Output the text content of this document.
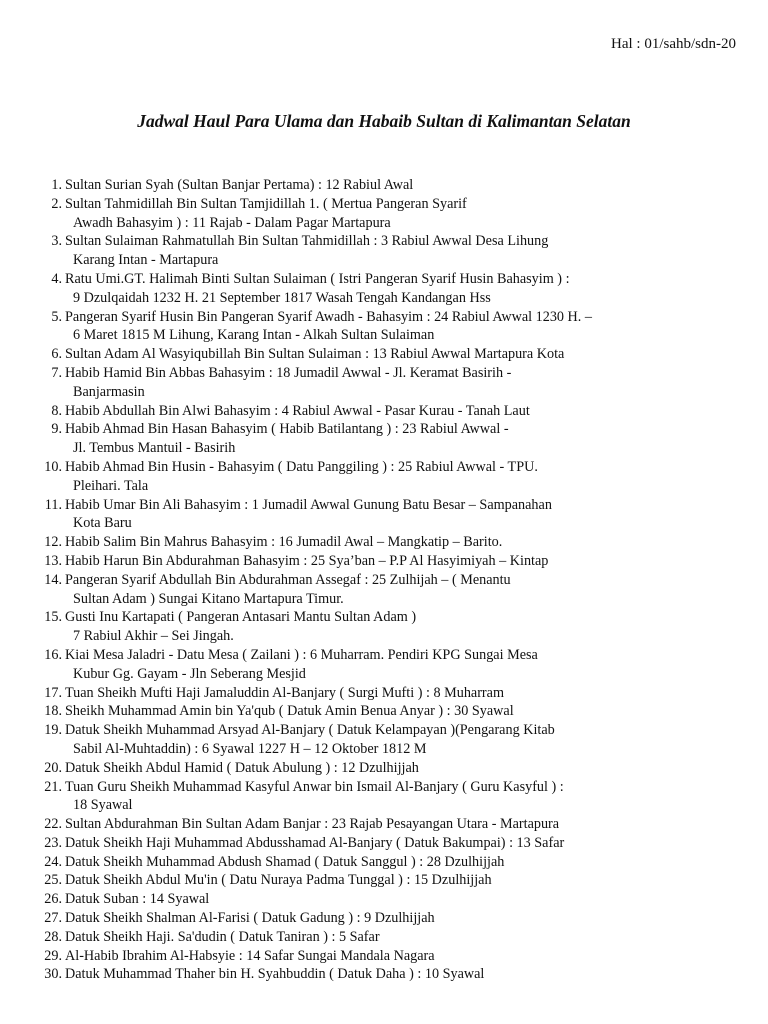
Hal : 01/sahb/sdn-20
Jadwal Haul Para Ulama dan Habaib Sultan di Kalimantan Selatan
1. Sultan Surian Syah (Sultan Banjar Pertama) : 12 Rabiul Awal
2. Sultan Tahmidillah Bin Sultan Tamjidillah 1. ( Mertua Pangeran Syarif
Awadh Bahasyim ) : 11 Rajab - Dalam Pagar Martapura
3. Sultan Sulaiman Rahmatullah Bin Sultan Tahmidillah : 3 Rabiul Awwal Desa Lihung
Karang Intan - Martapura
4. Ratu Umi.GT. Halimah Binti Sultan Sulaiman ( Istri Pangeran Syarif Husin Bahasyim ) :
9 Dzulqaidah 1232 H. 21 September 1817 Wasah Tengah Kandangan Hss
5. Pangeran Syarif Husin Bin Pangeran Syarif Awadh - Bahasyim : 24 Rabiul Awwal 1230 H. –
6 Maret 1815 M Lihung, Karang Intan - Alkah Sultan Sulaiman
6. Sultan Adam Al Wasyiqubillah Bin Sultan Sulaiman : 13 Rabiul Awwal Martapura Kota
7. Habib Hamid Bin Abbas Bahasyim : 18 Jumadil Awwal - Jl. Keramat Basirih -
Banjarmasin
8. Habib Abdullah Bin Alwi Bahasyim : 4 Rabiul Awwal - Pasar Kurau - Tanah Laut
9. Habib Ahmad Bin Hasan Bahasyim ( Habib Batilantang ) : 23 Rabiul Awwal -
Jl. Tembus Mantuil - Basirih
10. Habib Ahmad Bin Husin - Bahasyim ( Datu Panggiling ) : 25 Rabiul Awwal - TPU.
Pleihari. Tala
11. Habib Umar Bin Ali Bahasyim : 1 Jumadil Awwal Gunung Batu Besar – Sampanahan
Kota Baru
12. Habib Salim Bin Mahrus Bahasyim : 16 Jumadil Awal – Mangkatip – Barito.
13. Habib Harun Bin Abdurahman Bahasyim : 25 Sya’ban – P.P Al Hasyimiyah – Kintap
14. Pangeran Syarif Abdullah Bin Abdurahman Assegaf : 25 Zulhijah – ( Menantu
Sultan Adam ) Sungai Kitano Martapura Timur.
15. Gusti Inu Kartapati ( Pangeran Antasari Mantu Sultan Adam )
7 Rabiul Akhir – Sei Jingah.
16. Kiai Mesa Jaladri - Datu Mesa ( Zailani ) : 6 Muharram. Pendiri KPG Sungai Mesa
Kubur Gg. Gayam - Jln Seberang Mesjid
17. Tuan Sheikh Mufti Haji Jamaluddin Al-Banjary ( Surgi Mufti ) : 8 Muharram
18. Sheikh Muhammad Amin bin Ya'qub ( Datuk Amin Benua Anyar ) : 30 Syawal
19. Datuk Sheikh Muhammad Arsyad Al-Banjary ( Datuk Kelampayan )(Pengarang Kitab
Sabil Al-Muhtaddin) : 6 Syawal 1227 H – 12 Oktober 1812 M
20. Datuk Sheikh Abdul Hamid ( Datuk Abulung ) : 12 Dzulhijjah
21. Tuan Guru Sheikh Muhammad Kasyful Anwar bin Ismail Al-Banjary ( Guru Kasyful ) :
18 Syawal
22. Sultan Abdurahman Bin Sultan Adam Banjar : 23 Rajab Pesayangan Utara - Martapura
23. Datuk Sheikh Haji Muhammad Abdusshamad Al-Banjary ( Datuk Bakumpai) : 13 Safar
24. Datuk Sheikh Muhammad Abdush Shamad ( Datuk Sanggul ) : 28 Dzulhijjah
25. Datuk Sheikh Abdul Mu'in ( Datu Nuraya Padma Tunggal ) : 15 Dzulhijjah
26. Datuk Suban : 14 Syawal
27. Datuk Sheikh Shalman Al-Farisi ( Datuk Gadung ) : 9 Dzulhijjah
28. Datuk Sheikh Haji. Sa'dudin ( Datuk Taniran ) : 5 Safar
29. Al-Habib Ibrahim Al-Habsyie : 14 Safar Sungai Mandala Nagara
30. Datuk Muhammad Thaher bin H. Syahbuddin ( Datuk Daha ) : 10 Syawal
